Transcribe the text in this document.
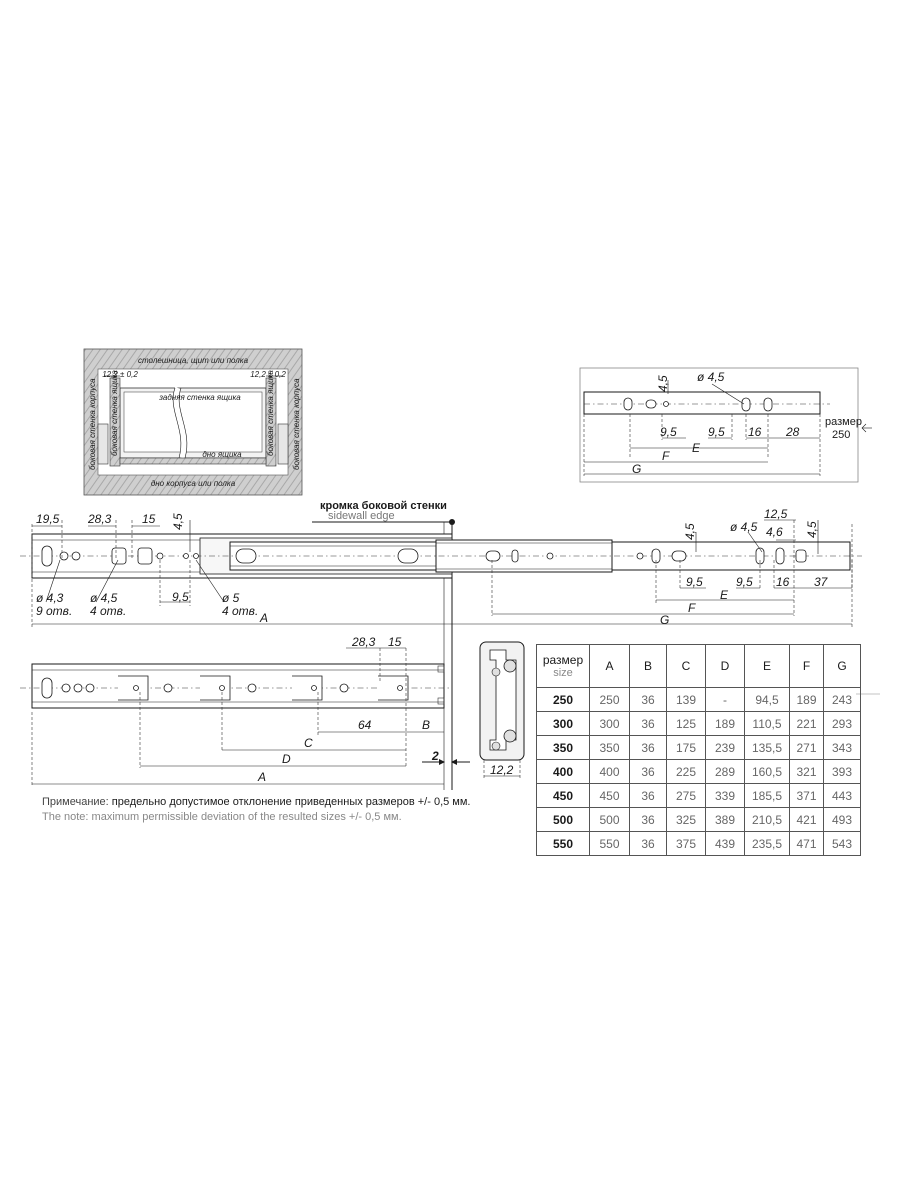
столешница, щит или полка
дно корпуса или полка
задняя стенка ящика
дно ящика
12,2 ± 0,2	12,2 ± 0,2
боковая стенка корпуса	боковая стенка корпуса
боковая стенка ящика	боковая стенка ящика	4,5 ø 4,5
9,5	9,5 16 28
E
F
G
размер
250
кромка боковой стенки
sidewall edge
19,5 28,3	15 4,5
ø 4,3
9 отв.
ø 4,5
4 отв.
9,5	ø 5
4 отв. A
ø 4,5
4,5
12,5
4,6 4,5
9,5	9,5 16 37
E
F
G
28,3 15
64	B
C
D
A
2
12,2
размер
size	A	B	C	D	E	F	G
250	250	36	139	-	94,5	189	243
300	300	36	125	189	110,5	221	293
350	350	36	175	239	135,5	271	343
400	400	36	225	289	160,5	321	393
450	450	36	275	339	185,5	371	443
500	500	36	325	389	210,5	421	493
550	550	36	375	439	235,5	471	543
Примечание: предельно допустимое отклонение приведенных размеров +/- 0,5 мм.
The note: maximum permissible deviation of the resulted sizes +/- 0,5 мм.
